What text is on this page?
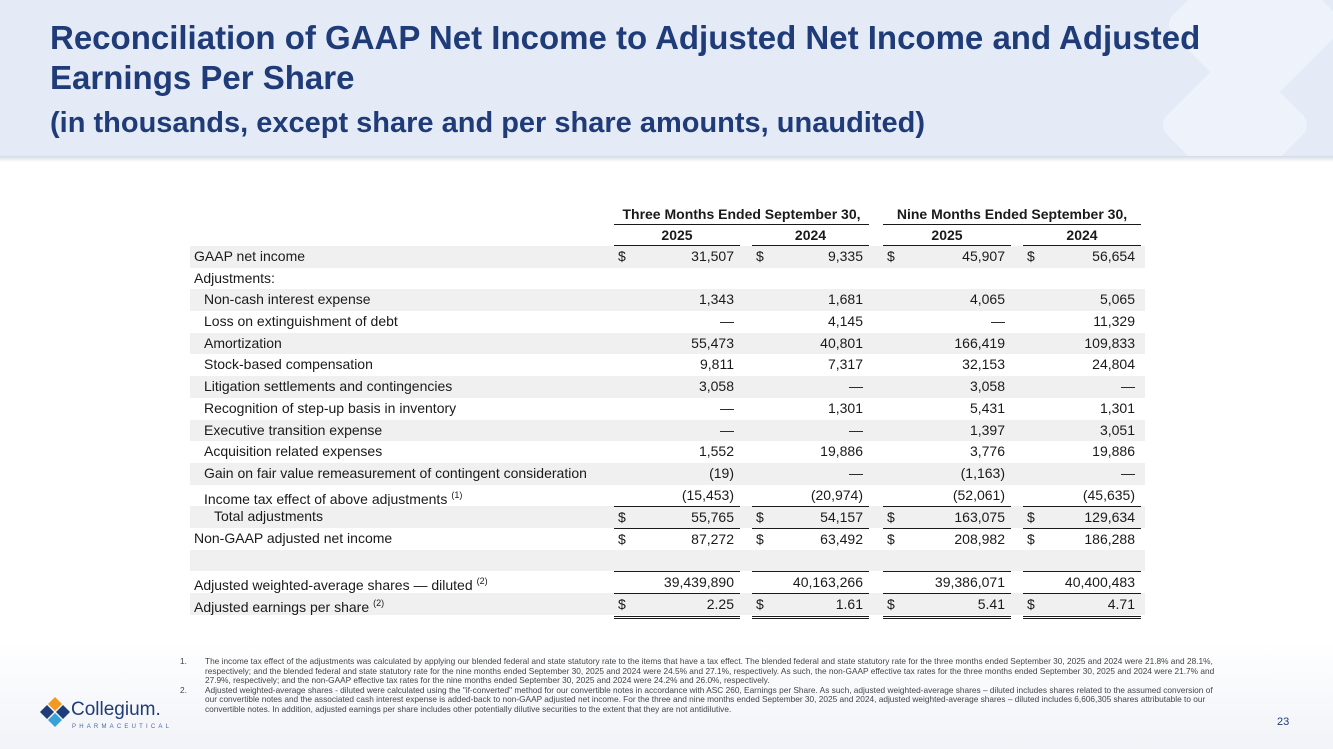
Reconciliation of GAAP Net Income to Adjusted Net Income and Adjusted Earnings Per Share
(in thousands, except share and per share amounts, unaudited)
Three Months Ended September 30,	Nine Months Ended September 30,
2025	2024	2025	2024
GAAP net income	$	31,507 $	9,335 $	45,907 $	56,654
Adjustments:
Non-cash interest expense	1,343	1,681	4,065	5,065
Loss on extinguishment of debt	—	4,145	—	11,329
Amortization	55,473	40,801	166,419	109,833
Stock-based compensation	9,811	7,317	32,153	24,804
Litigation settlements and contingencies	3,058	—	3,058	—
Recognition of step-up basis in inventory	—	1,301	5,431	1,301
Executive transition expense	—	—	1,397	3,051
Acquisition related expenses	1,552	19,886	3,776	19,886
Gain on fair value remeasurement of contingent consideration	(19)	—	(1,163)	—
Income tax effect of above adjustments $^{(1)}$	(15,453)	(20,974)	(52,061)	(45,635)
Total adjustments	$	55,765 $	54,157 $	163,075 $	129,634
Non-GAAP adjusted net income	$	87,272 $	63,492 $	208,982 $	186,288
Adjusted weighted-average shares — diluted $^{(2)}$	39,439,890	40,163,266	39,386,071	40,400,483
Adjusted earnings per share $^{(2)}$	$	2.25 $	1.61 $	5.41 $	4.71
1. The income tax effect of the adjustments was calculated by applying our blended federal and state statutory rate to the items that have a tax effect. The blended federal and state statutory rate for the three months ended September 30, 2025 and 2024 were 21.8% and 28.1%, respectively; and the blended federal and state statutory rate for the nine months ended September 30, 2025 and 2024 were 24.5% and 27.1%, respectively. As such, the non-GAAP effective tax rates for the three months ended September 30, 2025 and 2024 were 21.7% and 27.9%, respectively; and the non-GAAP effective tax rates for the nine months ended September 30, 2025 and 2024 were 24.2% and 26.0%, respectively.
2. Adjusted weighted-average shares - diluted were calculated using the "if-converted" method for our convertible notes in accordance with ASC 260, Earnings per Share. As such, adjusted weighted-average shares – diluted includes shares related to the assumed conversion of our convertible notes and the associated cash interest expense is added-back to non-GAAP adjusted net income. For the three and nine months ended September 30, 2025 and 2024, adjusted weighted-average shares – diluted includes 6,606,305 shares attributable to our convertible notes. In addition, adjusted earnings per share includes other potentially dilutive securities to the extent that they are not antidilutive.
Collegium.
PHARMACEUTICAL	23
